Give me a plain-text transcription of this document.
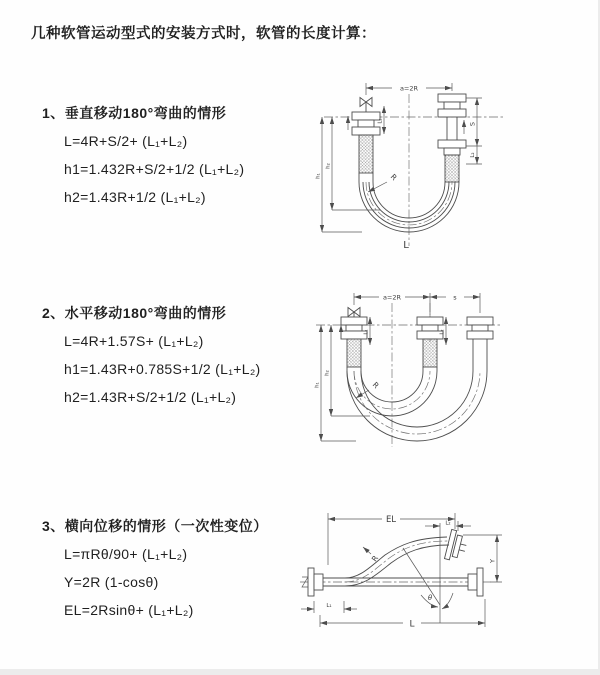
几种软管运动型式的安装方式时，软管的长度计算：
1、垂直移动180°弯曲的情形
L=4R+S/2+ (L₁+L₂)
h1=1.432R+S/2+1/2 (L₁+L₂)
h2=1.43R+1/2 (L₁+L₂)
2、水平移动180°弯曲的情形
L=4R+1.57S+ (L₁+L₂)
h1=1.43R+0.785S+1/2 (L₁+L₂)
h2=1.43R+S/2+1/2 (L₁+L₂)
3、横向位移的情形（一次性变位）
L=πRθ/90+ (L₁+L₂)
Y=2R (1-cosθ)
EL=2Rsinθ+ (L₁+L₂)
a=2R
S
L₂
L₁
h₁
h₂
R
L
a=2R	s
L₁	L₂
h₁
h₂
R
EL	L₂
Y
R
θ
L₁
L
